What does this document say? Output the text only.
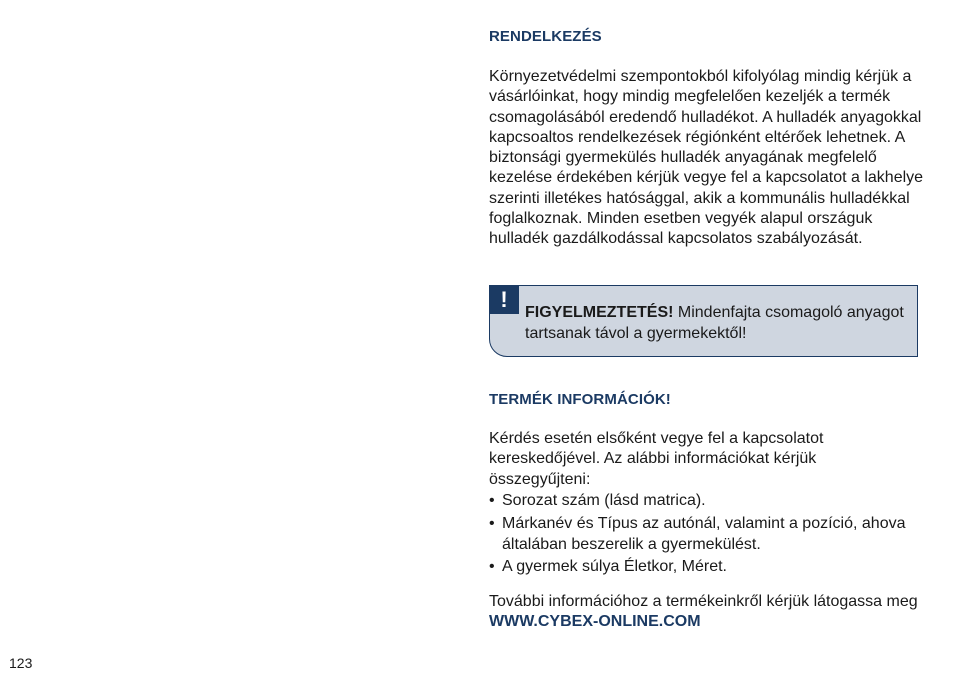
RENDELKEZÉS
Környezetvédelmi szempontokból kifolyólag mindig kérjük a vásárlóinkat, hogy mindig megfelelően kezeljék a termék csomagolásából eredendő hulladékot. A hulladék anyagokkal kapcsoaltos rendelkezések régiónként eltérőek lehetnek. A biztonsági gyermekülés hulladék anyagának megfelelő kezelése érdekében kérjük vegye fel a kapcsolatot a lakhelye szerinti illetékes hatósággal, akik a kommunális hulladékkal foglalkoznak. Minden esetben vegyék alapul országuk hulladék gazdálkodással kapcsolatos szabályozását.
!
FIGYELMEZTETÉS! Mindenfajta csomagoló anyagot tartsanak távol a gyermekektől!
TERMÉK INFORMÁCIÓK!
Kérdés esetén elsőként vegye fel a kapcsolatot kereskedőjével. Az alábbi információkat kérjük összegyűjteni:
• Sorozat szám (lásd matrica).
• Márkanév és Típus az autónál, valamint a pozíció, ahova általában beszerelik a gyermekülést.
• A gyermek súlya Életkor, Méret.
További információhoz a termékeinkről kérjük látogassa meg WWW.CYBEX-ONLINE.COM
123
